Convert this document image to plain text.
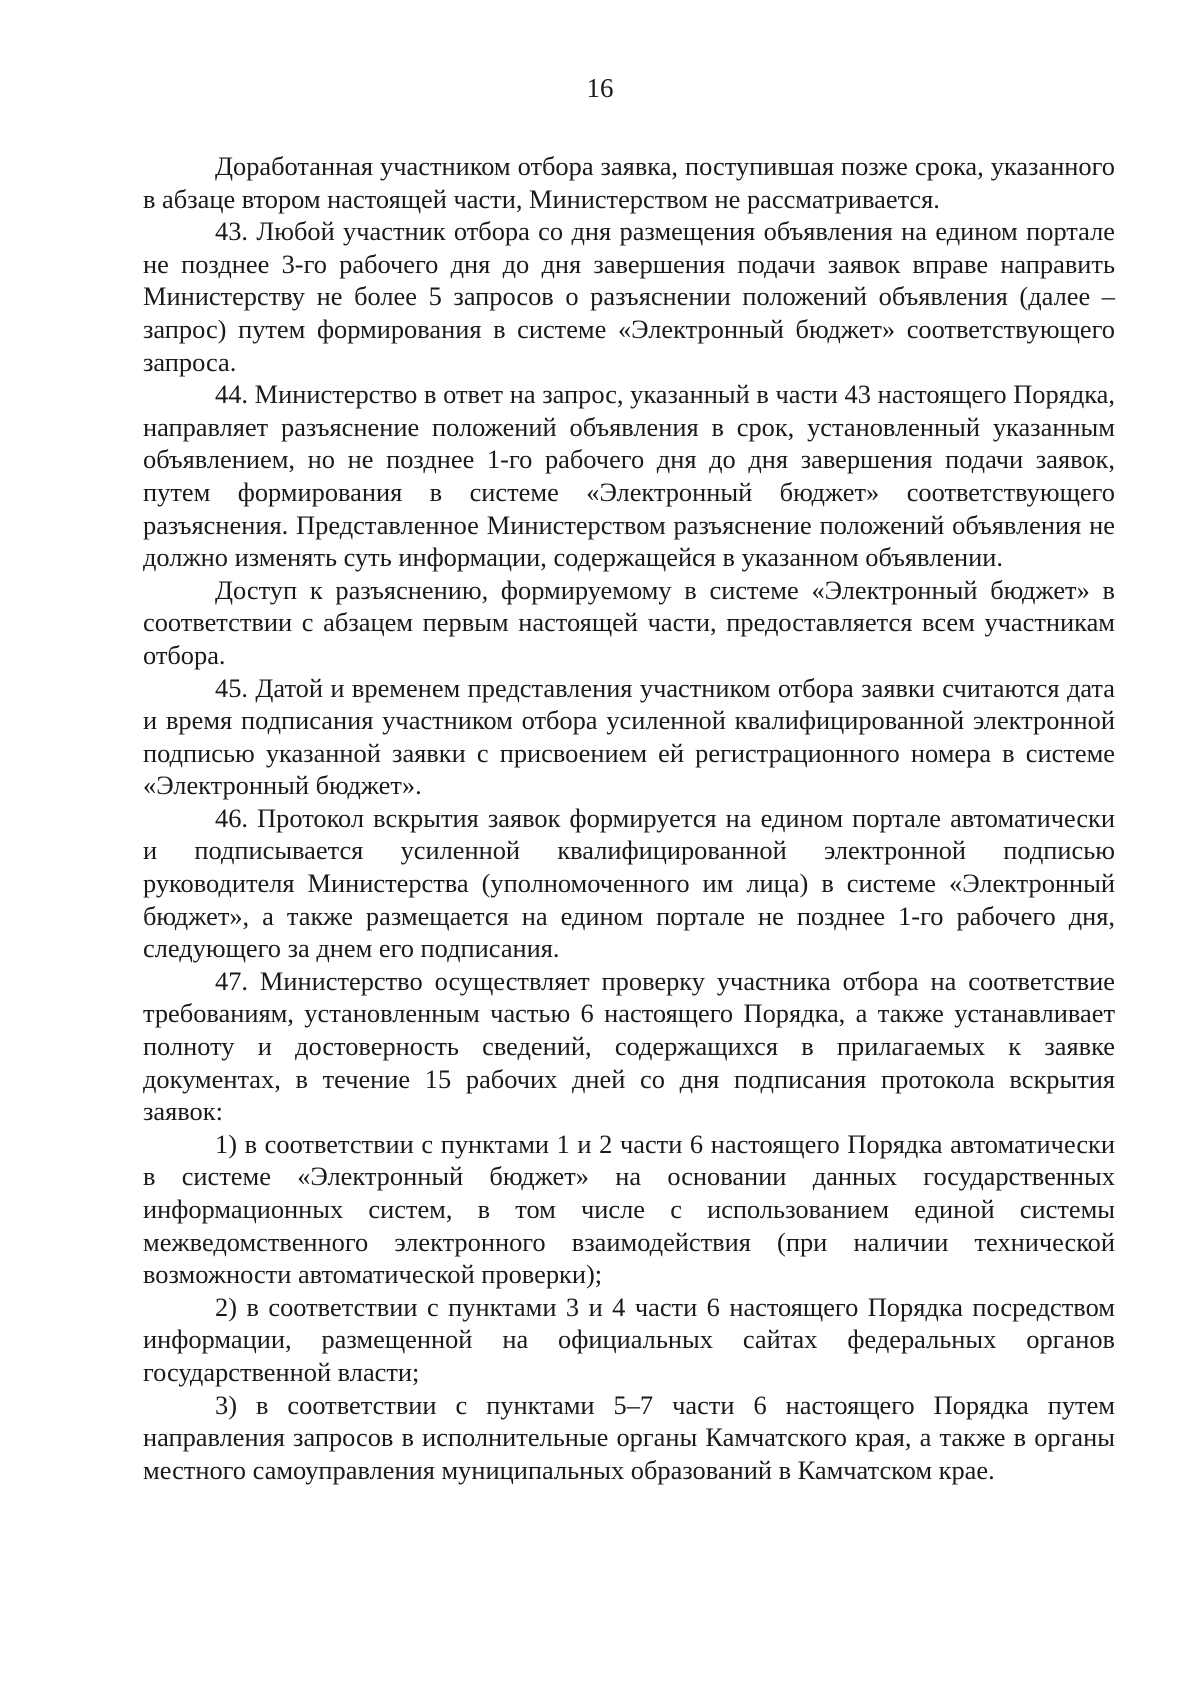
16

Доработанная участником отбора заявка, поступившая позже срока, указанного в абзаце втором настоящей части, Министерством не рассматривается.

43. Любой участник отбора со дня размещения объявления на едином портале не позднее 3-го рабочего дня до дня завершения подачи заявок вправе направить Министерству не более 5 запросов о разъяснении положений объявления (далее – запрос) путем формирования в системе «Электронный бюджет» соответствующего запроса.

44. Министерство в ответ на запрос, указанный в части 43 настоящего Порядка, направляет разъяснение положений объявления в срок, установленный указанным объявлением, но не позднее 1-го рабочего дня до дня завершения подачи заявок, путем формирования в системе «Электронный бюджет» соответствующего разъяснения. Представленное Министерством разъяснение положений объявления не должно изменять суть информации, содержащейся в указанном объявлении.

Доступ к разъяснению, формируемому в системе «Электронный бюджет» в соответствии с абзацем первым настоящей части, предоставляется всем участникам отбора.

45. Датой и временем представления участником отбора заявки считаются дата и время подписания участником отбора усиленной квалифицированной электронной подписью указанной заявки с присвоением ей регистрационного номера в системе «Электронный бюджет».

46. Протокол вскрытия заявок формируется на едином портале автоматически и подписывается усиленной квалифицированной электронной подписью руководителя Министерства (уполномоченного им лица) в системе «Электронный бюджет», а также размещается на едином портале не позднее 1-го рабочего дня, следующего за днем его подписания.

47. Министерство осуществляет проверку участника отбора на соответствие требованиям, установленным частью 6 настоящего Порядка, а также устанавливает полноту и достоверность сведений, содержащихся в прилагаемых к заявке документах, в течение 15 рабочих дней со дня подписания протокола вскрытия заявок:

1) в соответствии с пунктами 1 и 2 части 6 настоящего Порядка автоматически в системе «Электронный бюджет» на основании данных государственных информационных систем, в том числе с использованием единой системы межведомственного электронного взаимодействия (при наличии технической возможности автоматической проверки);

2) в соответствии с пунктами 3 и 4 части 6 настоящего Порядка посредством информации, размещенной на официальных сайтах федеральных органов государственной власти;

3) в соответствии с пунктами 5–7 части 6 настоящего Порядка путем направления запросов в исполнительные органы Камчатского края, а также в органы местного самоуправления муниципальных образований в Камчатском крае.
